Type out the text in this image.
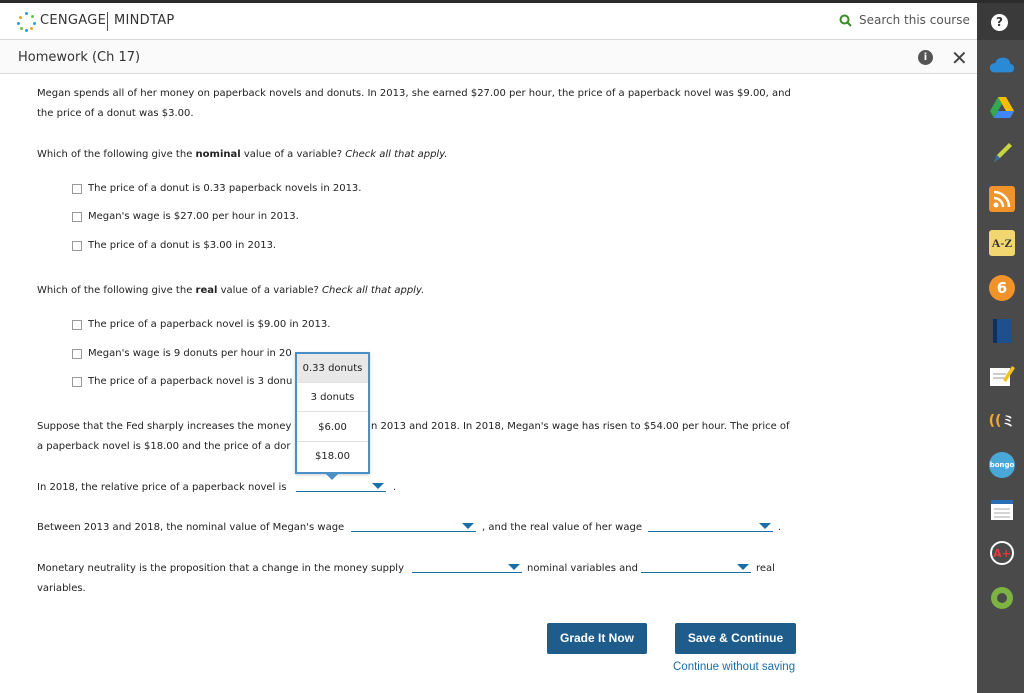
CENGAGE MINDTAP	Search this course	?
Homework (Ch 17)	i ✕
A-Z
6
(( ミ
bongo
A+
Megan spends all of her money on paperback novels and donuts. In 2013, she earned $27.00 per hour, the price of a paperback novel was $9.00, and
the price of a donut was $3.00.
Which of the following give the nominal value of a variable? Check all that apply.
The price of a donut is 0.33 paperback novels in 2013.
Megan's wage is $27.00 per hour in 2013.
The price of a donut is $3.00 in 2013.
Which of the following give the real value of a variable? Check all that apply.
The price of a paperback novel is $9.00 in 2013.
Megan's wage is 9 donuts per hour in 20
The price of a paperback novel is 3 donu
Suppose that the Fed sharply increases the money	n 2013 and 2018. In 2018, Megan's wage has risen to $54.00 per hour. The price of
a paperback novel is $18.00 and the price of a dor
In 2018, the relative price of a paperback novel is	.
Between 2013 and 2018, the nominal value of Megan's wage	, and the real value of her wage	.
Monetary neutrality is the proposition that a change in the money supply	nominal variables and	real
variables.
Grade It Now	Save & Continue
Continue without saving
0.33 donuts
3 donuts
$6.00
$18.00
